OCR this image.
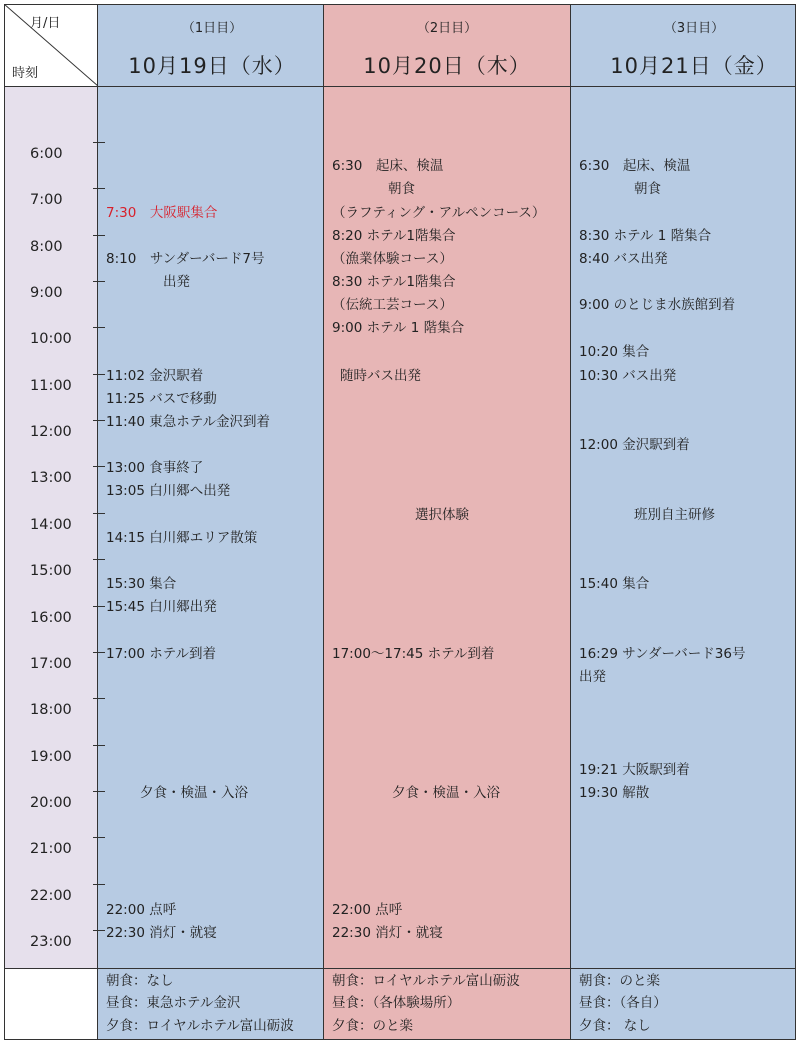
月/日
時刻
（1日目）
10月19日（水）
（2日目）
10月20日（木）
（3日目）
10月21日（金）
6:00
7:00
8:00
9:00
10:00
11:00
12:00
13:00
14:00
15:00
16:00
17:00
18:00
19:00
20:00
21:00
22:00
23:00
7:30　大阪駅集合
8:10　サンダーバード7号
出発
11:02 金沢駅着
11:25 バスで移動
11:40 東急ホテル金沢到着
13:00 食事終了
13:05 白川郷へ出発
14:15 白川郷エリア散策
15:30 集合
15:45 白川郷出発
17:00 ホテル到着
夕食・検温・入浴
22:00 点呼
22:30 消灯・就寝
6:30　起床、検温
朝食
（ラフティング・アルペンコース）
8:20 ホテル1階集合
（漁業体験コース）
8:30 ホテル1階集合
（伝統工芸コース）
9:00 ホテル 1 階集合
随時バス出発
選択体験
17:00～17:45 ホテル到着
夕食・検温・入浴
22:00 点呼
22:30 消灯・就寝
6:30　起床、検温
朝食
8:30 ホテル 1 階集合
8:40 バス出発
9:00 のとじま水族館到着
10:20 集合
10:30 バス出発
12:00 金沢駅到着
班別自主研修
15:40 集合
16:29 サンダーバード36号
出発
19:21 大阪駅到着
19:30 解散
朝食：なし
昼食：東急ホテル金沢
夕食：ロイヤルホテル富山砺波
朝食：ロイヤルホテル富山砺波
昼食：（各体験場所）
夕食：のと楽
朝食：のと楽
昼食：（各自）
夕食： なし
